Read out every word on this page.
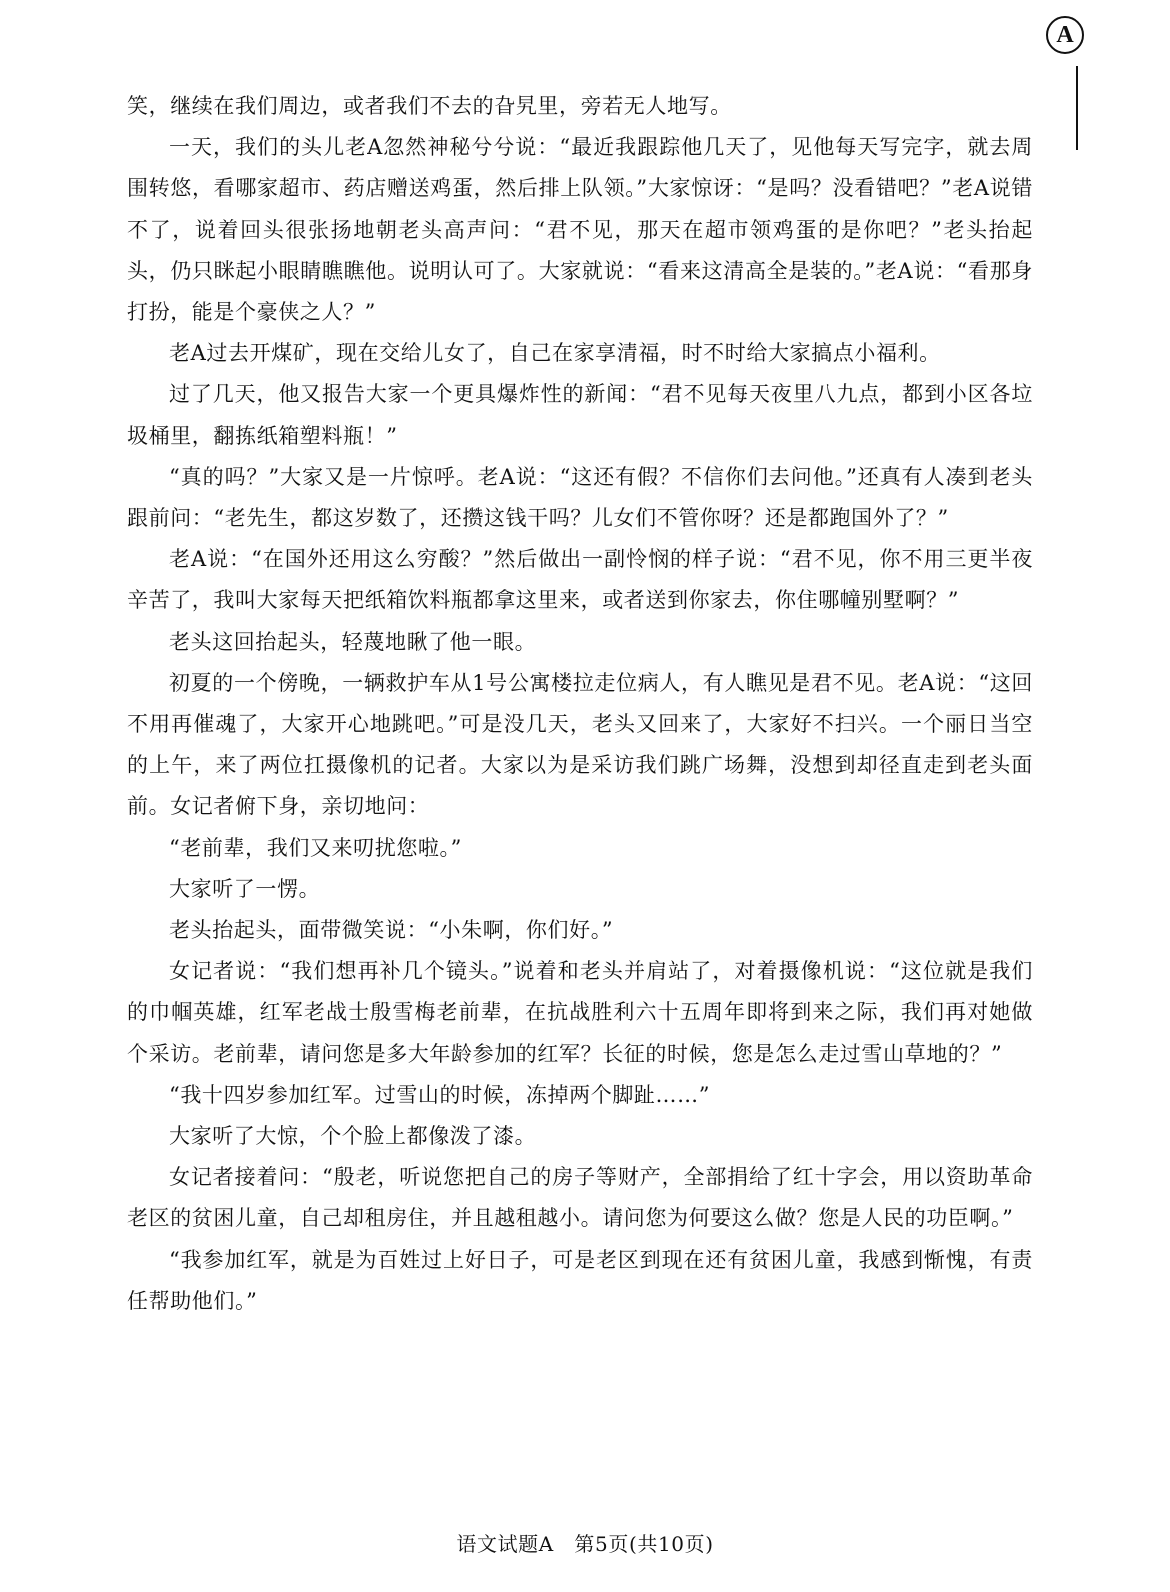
A

笑，继续在我们周边，或者我们不去的旮旯里，旁若无人地写。

一天，我们的头儿老A忽然神秘兮兮说：“最近我跟踪他几天了，见他每天写完字，就去周围转悠，看哪家超市、药店赠送鸡蛋，然后排上队领。”大家惊讶：“是吗？没看错吧？”老A说错不了，说着回头很张扬地朝老头高声问：“君不见，那天在超市领鸡蛋的是你吧？”老头抬起头，仍只眯起小眼睛瞧瞧他。说明认可了。大家就说：“看来这清高全是装的。”老A说：“看那身打扮，能是个豪侠之人？”

老A过去开煤矿，现在交给儿女了，自己在家享清福，时不时给大家搞点小福利。

过了几天，他又报告大家一个更具爆炸性的新闻：“君不见每天夜里八九点，都到小区各垃圾桶里，翻拣纸箱塑料瓶！”

“真的吗？”大家又是一片惊呼。老A说：“这还有假？不信你们去问他。”还真有人凑到老头跟前问：“老先生，都这岁数了，还攒这钱干吗？儿女们不管你呀？还是都跑国外了？”

老A说：“在国外还用这么穷酸？”然后做出一副怜悯的样子说：“君不见，你不用三更半夜辛苦了，我叫大家每天把纸箱饮料瓶都拿这里来，或者送到你家去，你住哪幢别墅啊？”

老头这回抬起头，轻蔑地瞅了他一眼。

初夏的一个傍晚，一辆救护车从1号公寓楼拉走位病人，有人瞧见是君不见。老A说：“这回不用再催魂了，大家开心地跳吧。”可是没几天，老头又回来了，大家好不扫兴。一个丽日当空的上午，来了两位扛摄像机的记者。大家以为是采访我们跳广场舞，没想到却径直走到老头面前。女记者俯下身，亲切地问：

“老前辈，我们又来叨扰您啦。”

大家听了一愣。

老头抬起头，面带微笑说：“小朱啊，你们好。”

女记者说：“我们想再补几个镜头。”说着和老头并肩站了，对着摄像机说：“这位就是我们的巾帼英雄，红军老战士殷雪梅老前辈，在抗战胜利六十五周年即将到来之际，我们再对她做个采访。老前辈，请问您是多大年龄参加的红军？长征的时候，您是怎么走过雪山草地的？”

“我十四岁参加红军。过雪山的时候，冻掉两个脚趾……”

大家听了大惊，个个脸上都像泼了漆。

女记者接着问：“殷老，听说您把自己的房子等财产，全部捐给了红十字会，用以资助革命老区的贫困儿童，自己却租房住，并且越租越小。请问您为何要这么做？您是人民的功臣啊。”

“我参加红军，就是为百姓过上好日子，可是老区到现在还有贫困儿童，我感到惭愧，有责任帮助他们。”

语文试题A　第5页(共10页)
